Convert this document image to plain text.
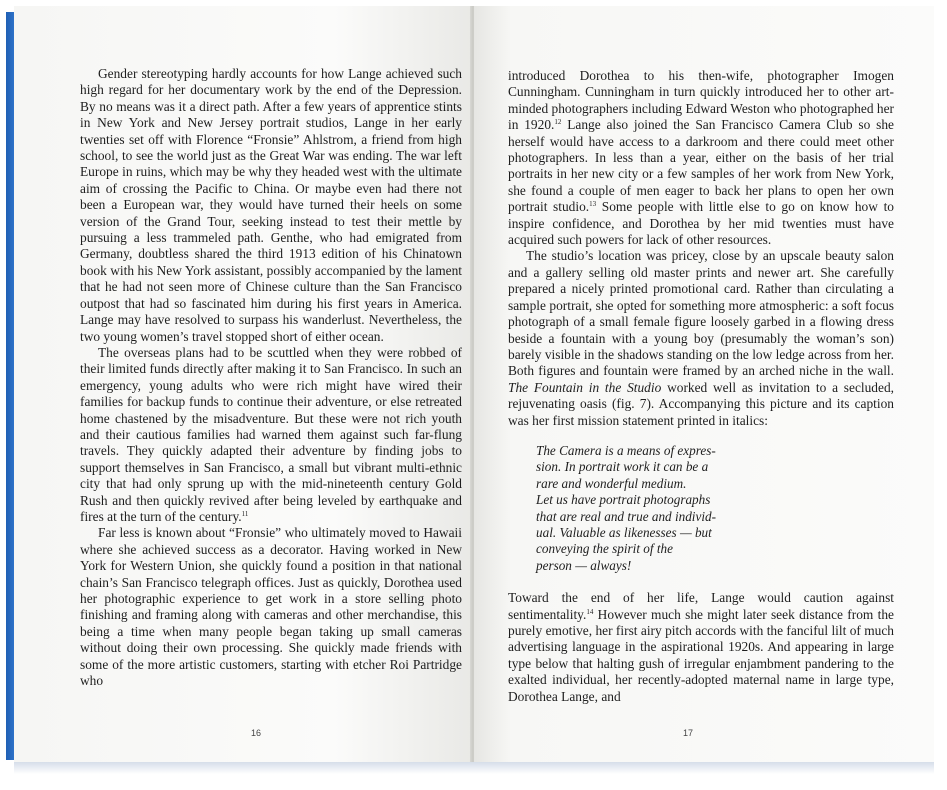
Gender stereotyping hardly accounts for how Lange achieved such high regard for her documentary work by the end of the Depression. By no means was it a direct path. After a few years of apprentice stints in New York and New Jersey portrait studios, Lange in her early twenties set off with Florence “Fronsie” Ahlstrom, a friend from high school, to see the world just as the Great War was ending. The war left Europe in ruins, which may be why they headed west with the ultimate aim of crossing the Pacific to China. Or maybe even had there not been a European war, they would have turned their heels on some version of the Grand Tour, seeking instead to test their mettle by pursuing a less trammeled path. Genthe, who had emigrated from Germany, doubtless shared the third 1913 edition of his Chinatown book with his New York assistant, possibly accompanied by the lament that he had not seen more of Chinese culture than the San Francisco outpost that had so fascinated him during his first years in America. Lange may have resolved to surpass his wanderlust. Nevertheless, the two young women’s travel stopped short of either ocean.

The overseas plans had to be scuttled when they were robbed of their limited funds directly after making it to San Francisco. In such an emergency, young adults who were rich might have wired their families for backup funds to continue their adventure, or else retreated home chastened by the misadventure. But these were not rich youth and their cautious families had warned them against such far-flung travels. They quickly adapted their adventure by finding jobs to support themselves in San Francisco, a small but vibrant multi-ethnic city that had only sprung up with the mid-nineteenth century Gold Rush and then quickly revived after being leveled by earthquake and fires at the turn of the century.$^{11}$

Far less is known about “Fronsie” who ultimately moved to Hawaii where she achieved success as a decorator. Having worked in New York for Western Union, she quickly found a position in that national chain’s San Francisco telegraph offices. Just as quickly, Dorothea used her photographic experience to get work in a store selling photo finishing and framing along with cameras and other merchandise, this being a time when many people began taking up small cameras without doing their own processing. She quickly made friends with some of the more artistic customers, starting with etcher Roi Partridge who

16

introduced Dorothea to his then-wife, photographer Imogen Cunningham. Cunningham in turn quickly introduced her to other art-minded photographers including Edward Weston who photographed her in 1920.12 Lange also joined the San Francisco Camera Club so she herself would have access to a darkroom and there could meet other photographers. In less than a year, either on the basis of her trial portraits in her new city or a few samples of her work from New York, she found a couple of men eager to back her plans to open her own portrait studio.$^{13}$ Some people with little else to go on know how to inspire confidence, and Dorothea by her mid twenties must have acquired such powers for lack of other resources.

The studio’s location was pricey, close by an upscale beauty salon and a gallery selling old master prints and newer art. She carefully prepared a nicely printed promotional card. Rather than circulating a sample portrait, she opted for something more atmospheric: a soft focus photograph of a small female figure loosely garbed in a flowing dress beside a fountain with a young boy (presumably the woman’s son) barely visible in the shadows standing on the low ledge across from her. Both figures and fountain were framed by an arched niche in the wall. The Fountain in the Studio worked well as invitation to a secluded, rejuvenating oasis (fig. 7). Accompanying this picture and its caption was her first mission statement printed in italics:

The Camera is a means of expres-
sion. In portrait work it can be a
rare and wonderful medium.
Let us have portrait photographs
that are real and true and individ-
ual. Valuable as likenesses — but
conveying the spirit of the
person — always!

Toward the end of her life, Lange would caution against sentimentality.$^{14}$ However much she might later seek distance from the purely emotive, her first airy pitch accords with the fanciful lilt of much advertising language in the aspirational 1920s. And appearing in large type below that halting gush of irregular enjambment pandering to the exalted individual, her recently-adopted maternal name in large type, Dorothea Lange, and

17
